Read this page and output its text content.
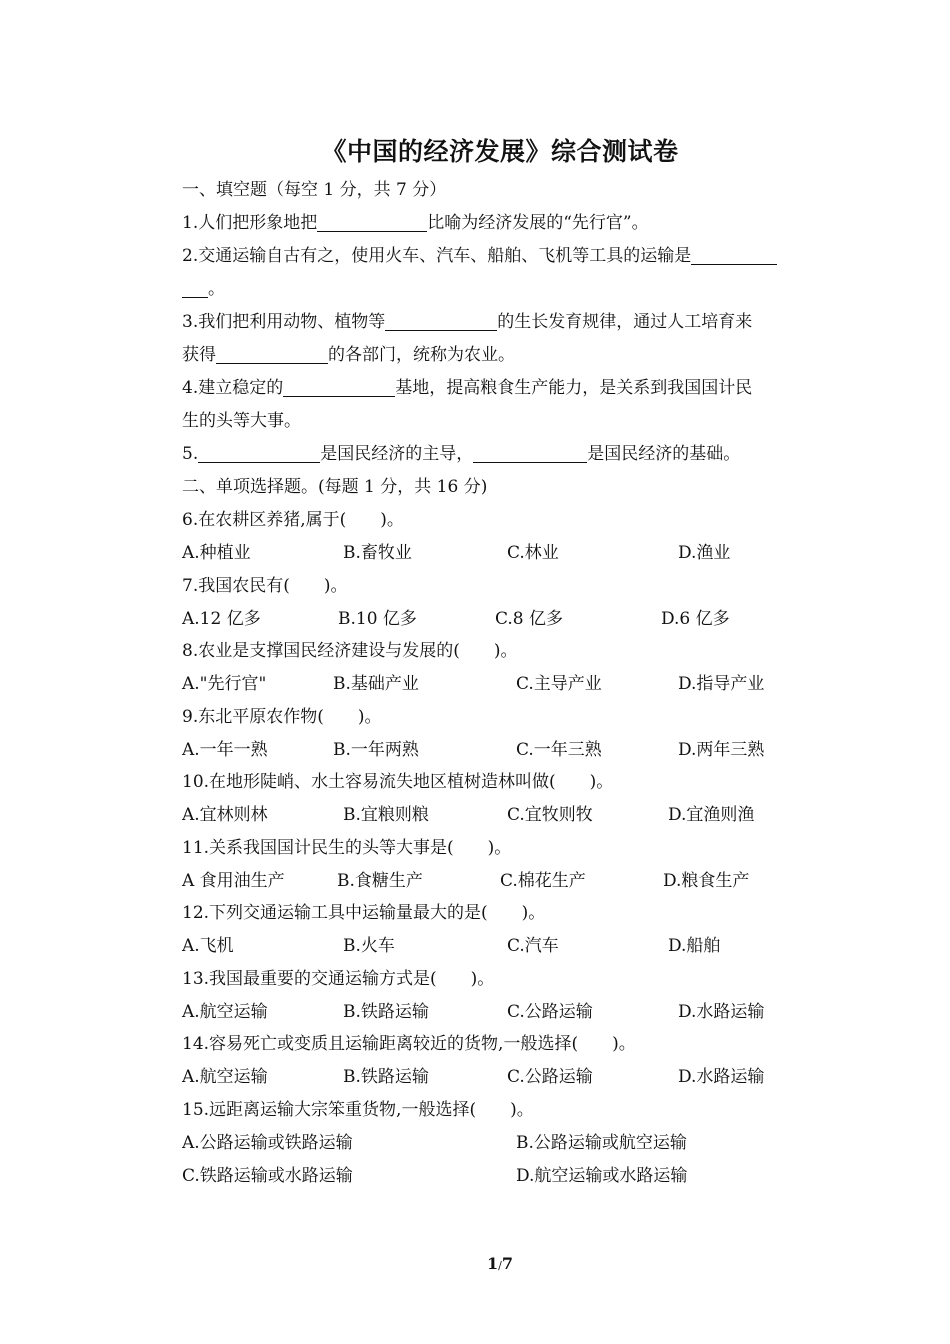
《中国的经济发展》综合测试卷
一、填空题（每空 1 分，共 7 分）
1.人们把形象地把	比喻为经济发展的“先行官”。
2.交通运输自古有之，使用火车、汽车、船舶、飞机等工具的运输是
。
3.我们把利用动物、植物等	的生长发育规律，通过人工培育来
获得	的各部门，统称为农业。
4.建立稳定的	基地，提高粮食生产能力，是关系到我国国计民
生的头等大事。
5.	是国民经济的主导，	是国民经济的基础。
二、单项选择题。(每题 1 分，共 16 分)
6.在农耕区养猪,属于(　　)。
A.种植业	B.畜牧业	C.林业	D.渔业
7.我国农民有(　　)。
A.12 亿多	B.10 亿多	C.8 亿多	D.6 亿多
8.农业是支撑国民经济建设与发展的(　　)。
A."先行官"	B.基础产业	C.主导产业	D.指导产业
9.东北平原农作物(　　)。
A.一年一熟	B.一年两熟	C.一年三熟	D.两年三熟
10.在地形陡峭、水土容易流失地区植树造林叫做(　　)。
A.宜林则林	B.宜粮则粮	C.宜牧则牧	D.宜渔则渔
11.关系我国国计民生的头等大事是(　　)。
A 食用油生产	B.食糖生产	C.棉花生产	D.粮食生产
12.下列交通运输工具中运输量最大的是(　　)。
A.飞机	B.火车	C.汽车	D.船舶
13.我国最重要的交通运输方式是(　　)。
A.航空运输	B.铁路运输	C.公路运输	D.水路运输
14.容易死亡或变质且运输距离较近的货物,一般选择(　　)。
A.航空运输	B.铁路运输	C.公路运输	D.水路运输
15.远距离运输大宗笨重货物,一般选择(　　)。
A.公路运输或铁路运输	B.公路运输或航空运输
C.铁路运输或水路运输	D.航空运输或水路运输
1/7
